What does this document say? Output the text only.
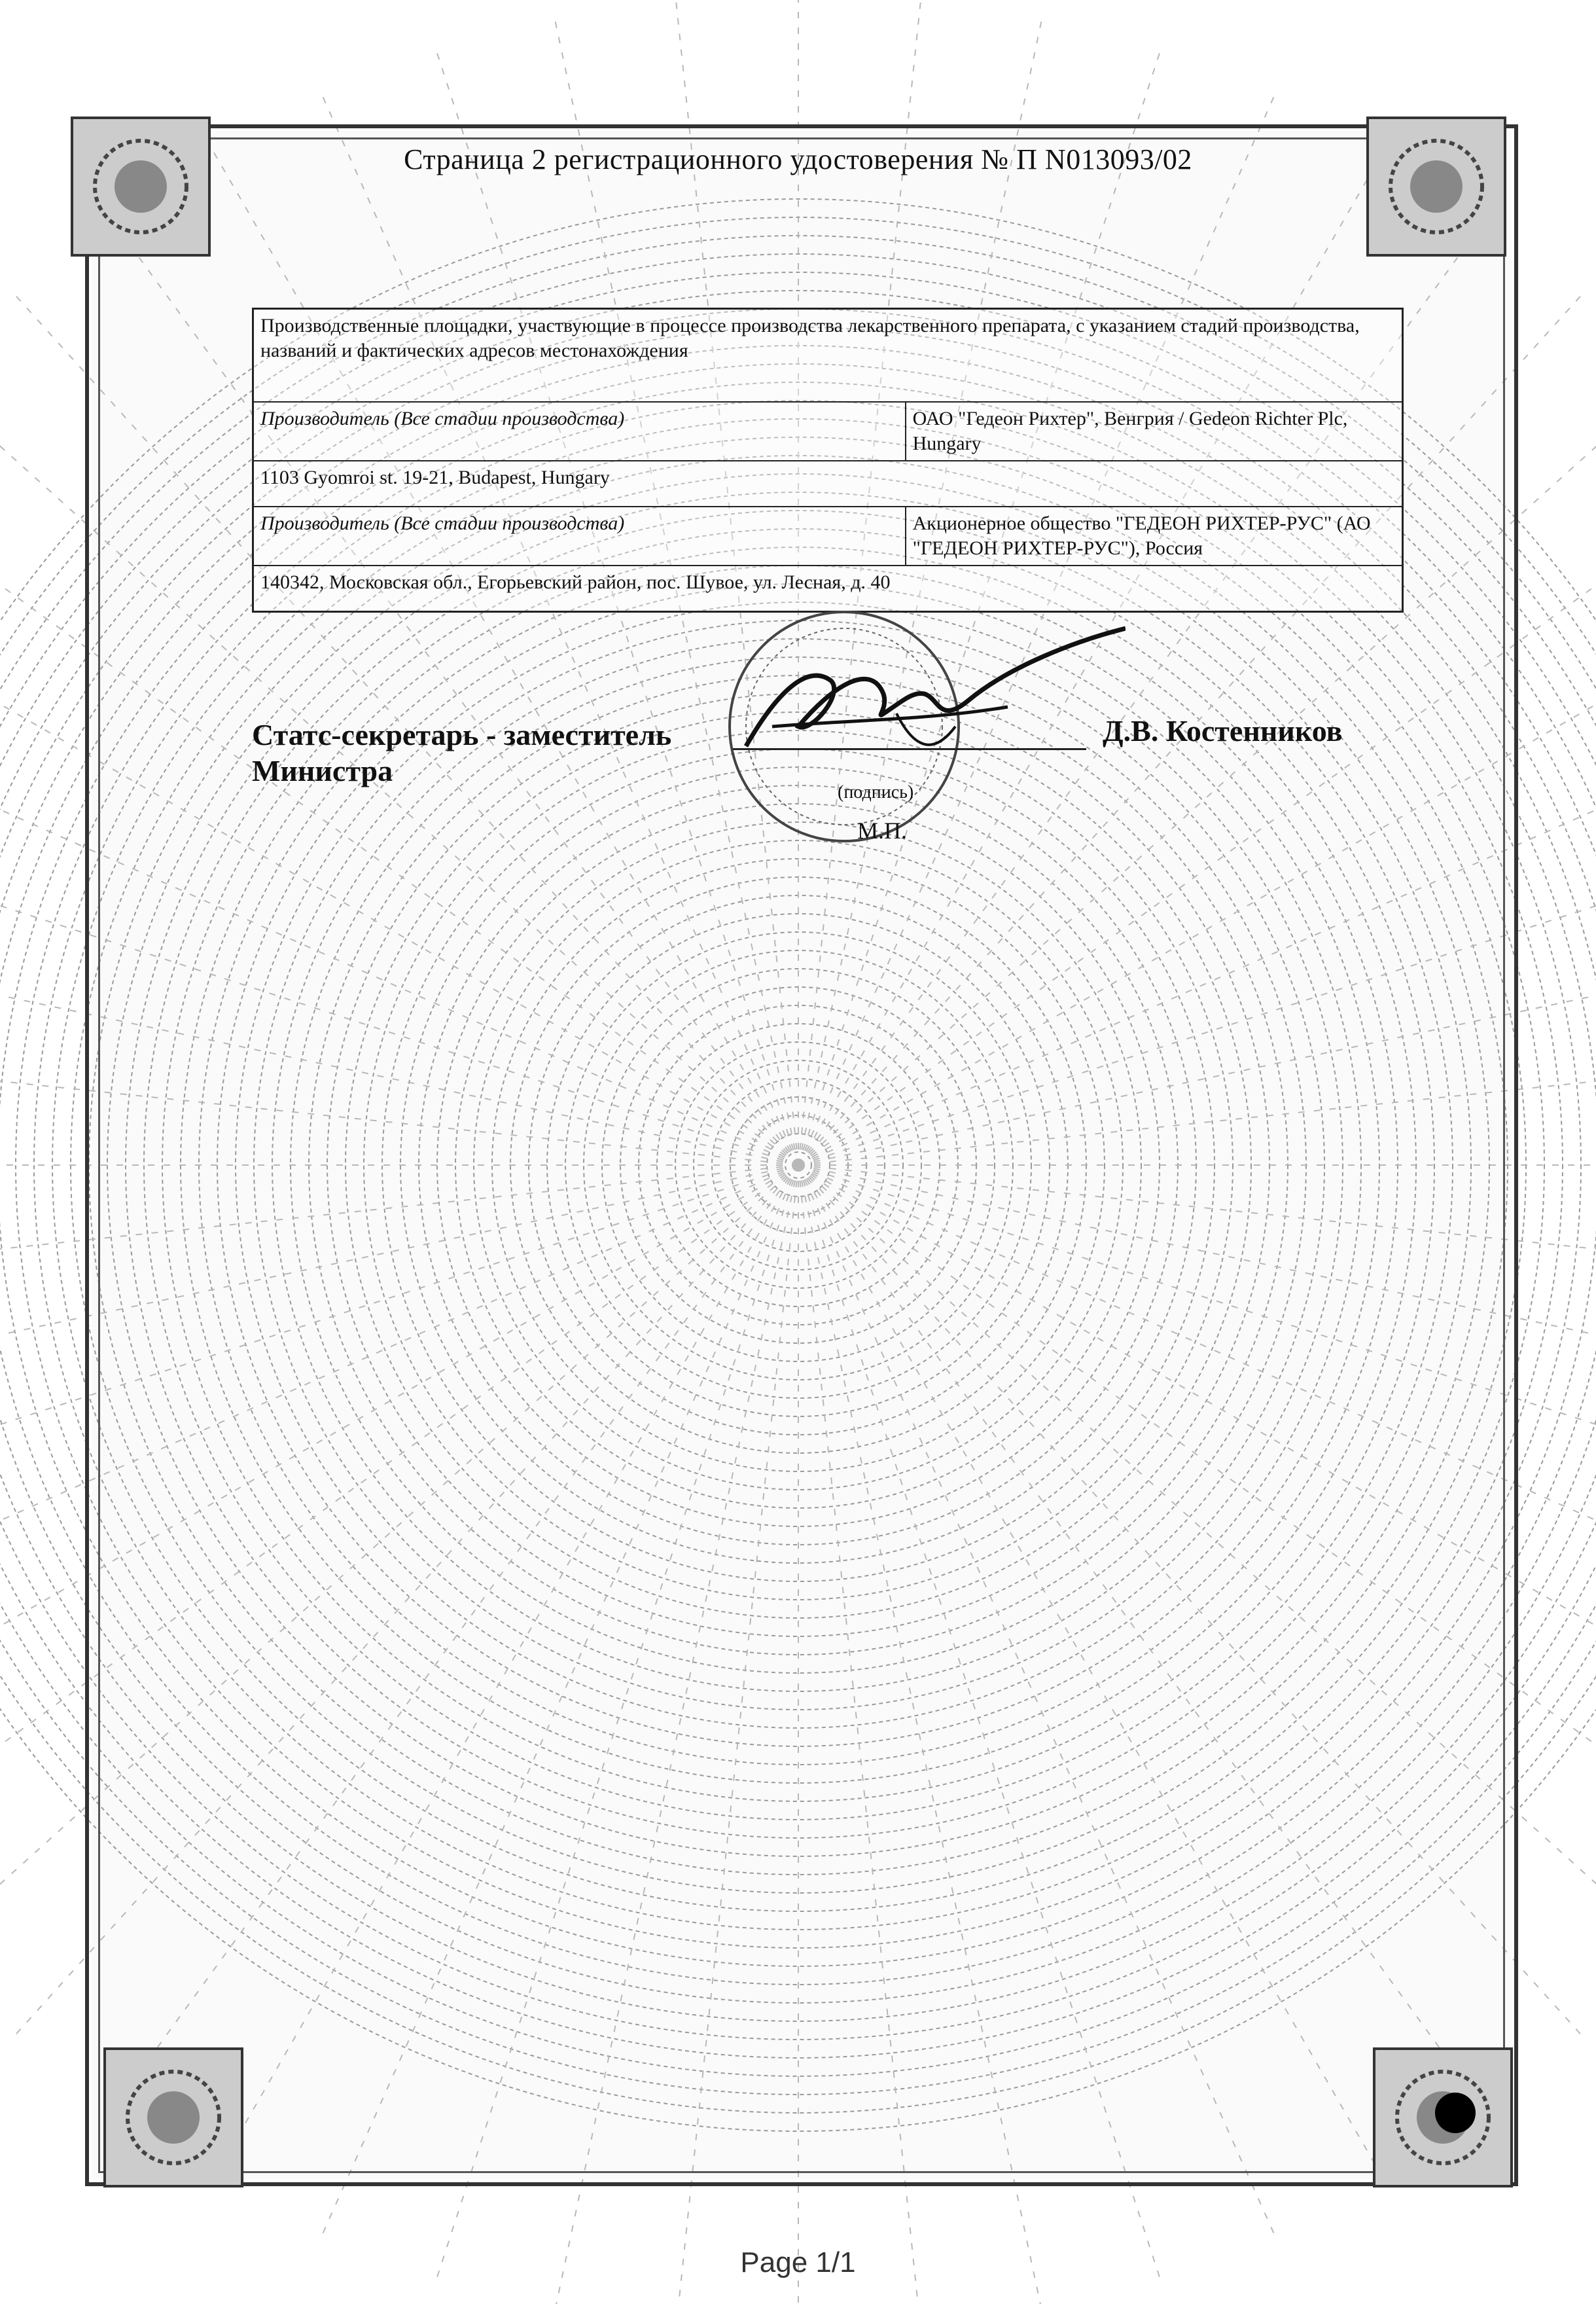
Страница 2 регистрационного удостоверения № П N013093/02
Производственные площадки, участвующие в процессе производства лекарственного препарата, с указанием стадий производства, названий и фактических адресов местонахождения
Производитель (Все стадии производства)	ОАО "Гедеон Рихтер", Венгрия / Gedeon Richter Plc, Hungary
1103 Gyomroi st. 19-21, Budapest, Hungary
Производитель (Все стадии производства)	Акционерное общество "ГЕДЕОН РИХТЕР-РУС" (АО "ГЕДЕОН РИХТЕР-РУС"), Россия
140342, Московская обл., Егорьевский район, пос. Шувое, ул. Лесная, д. 40
Статс-секретарь - заместитель
Министра
(подпись)
М.П.
Д.В. Костенников
Page 1/1
